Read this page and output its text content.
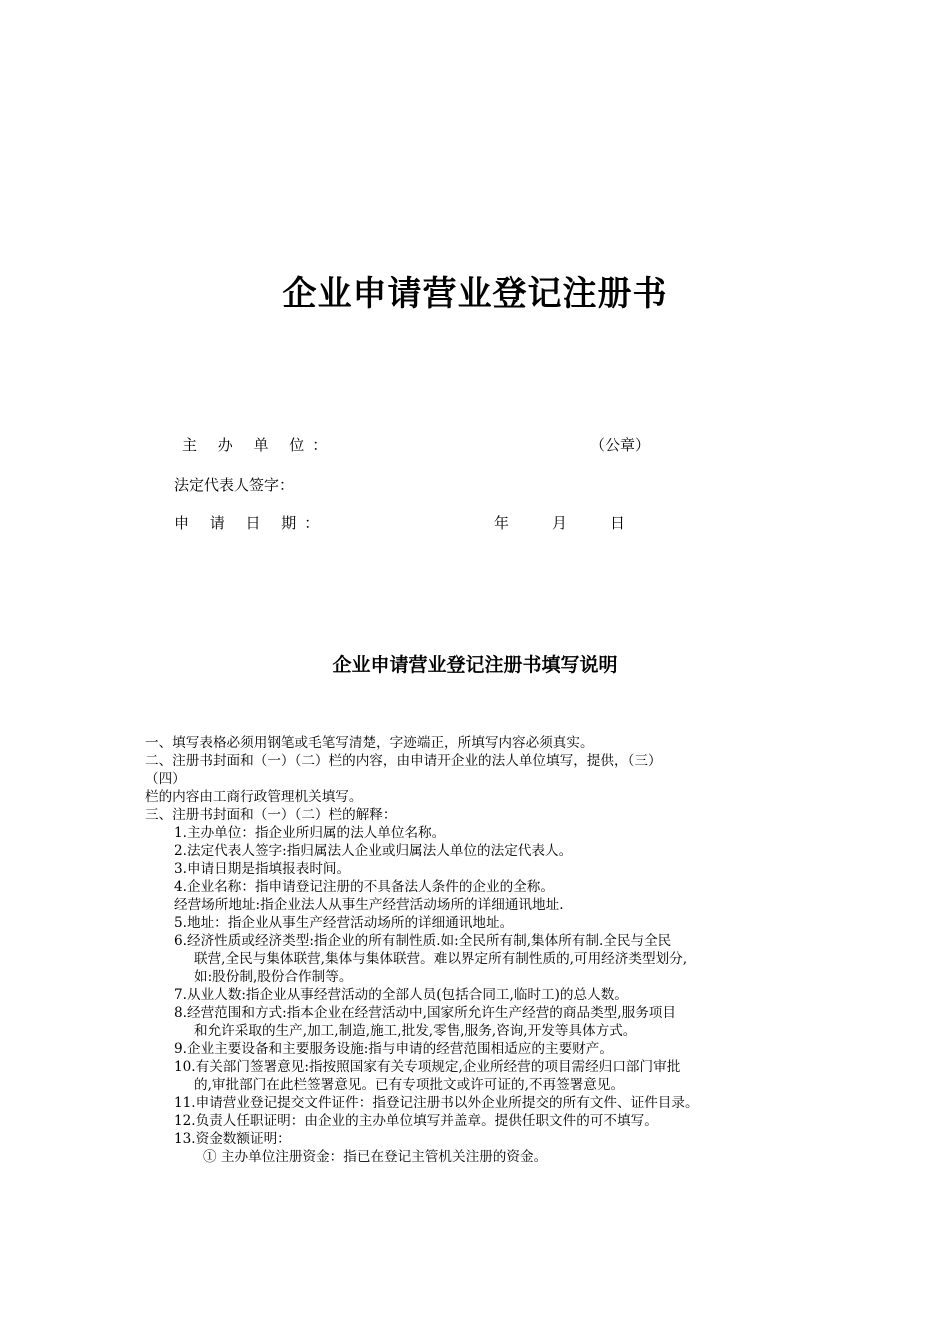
企业申请营业登记注册书
主 办 单 位：	（公章）
法定代表人签字：
申 请 日 期：	年	月	日
企业申请营业登记注册书填写说明
一、填写表格必须用钢笔或毛笔写清楚，字迹端正，所填写内容必须真实。
二、注册书封面和（一）（二）栏的内容，由申请开企业的法人单位填写，提供，（三）
（四）
栏的内容由工商行政管理机关填写。
三、注册书封面和（一）（二）栏的解释：
1.主办单位：指企业所归属的法人单位名称。
2.法定代表人签字:指归属法人企业或归属法人单位的法定代表人。
3.申请日期是指填报表时间。
4.企业名称：指申请登记注册的不具备法人条件的企业的全称。
经营场所地址:指企业法人从事生产经营活动场所的详细通讯地址.
5.地址：指企业从事生产经营活动场所的详细通讯地址。
6.经济性质或经济类型:指企业的所有制性质.如:全民所有制,集体所有制.全民与全民
联营,全民与集体联营,集体与集体联营。难以界定所有制性质的,可用经济类型划分,
如:股份制,股份合作制等。
7.从业人数:指企业从事经营活动的全部人员(包括合同工,临时工)的总人数。
8.经营范围和方式:指本企业在经营活动中,国家所允许生产经营的商品类型,服务项目
和允许采取的生产,加工,制造,施工,批发,零售,服务,咨询,开发等具体方式。
9.企业主要设备和主要服务设施:指与申请的经营范围相适应的主要财产。
10.有关部门签署意见:指按照国家有关专项规定,企业所经营的项目需经归口部门审批
的,审批部门在此栏签署意见。已有专项批文或许可证的,不再签署意见。
11.申请营业登记提交文件证件：指登记注册书以外企业所提交的所有文件、证件目录。
12.负责人任职证明：由企业的主办单位填写并盖章。提供任职文件的可不填写。
13.资金数额证明：
① 主办单位注册资金：指已在登记主管机关注册的资金。
